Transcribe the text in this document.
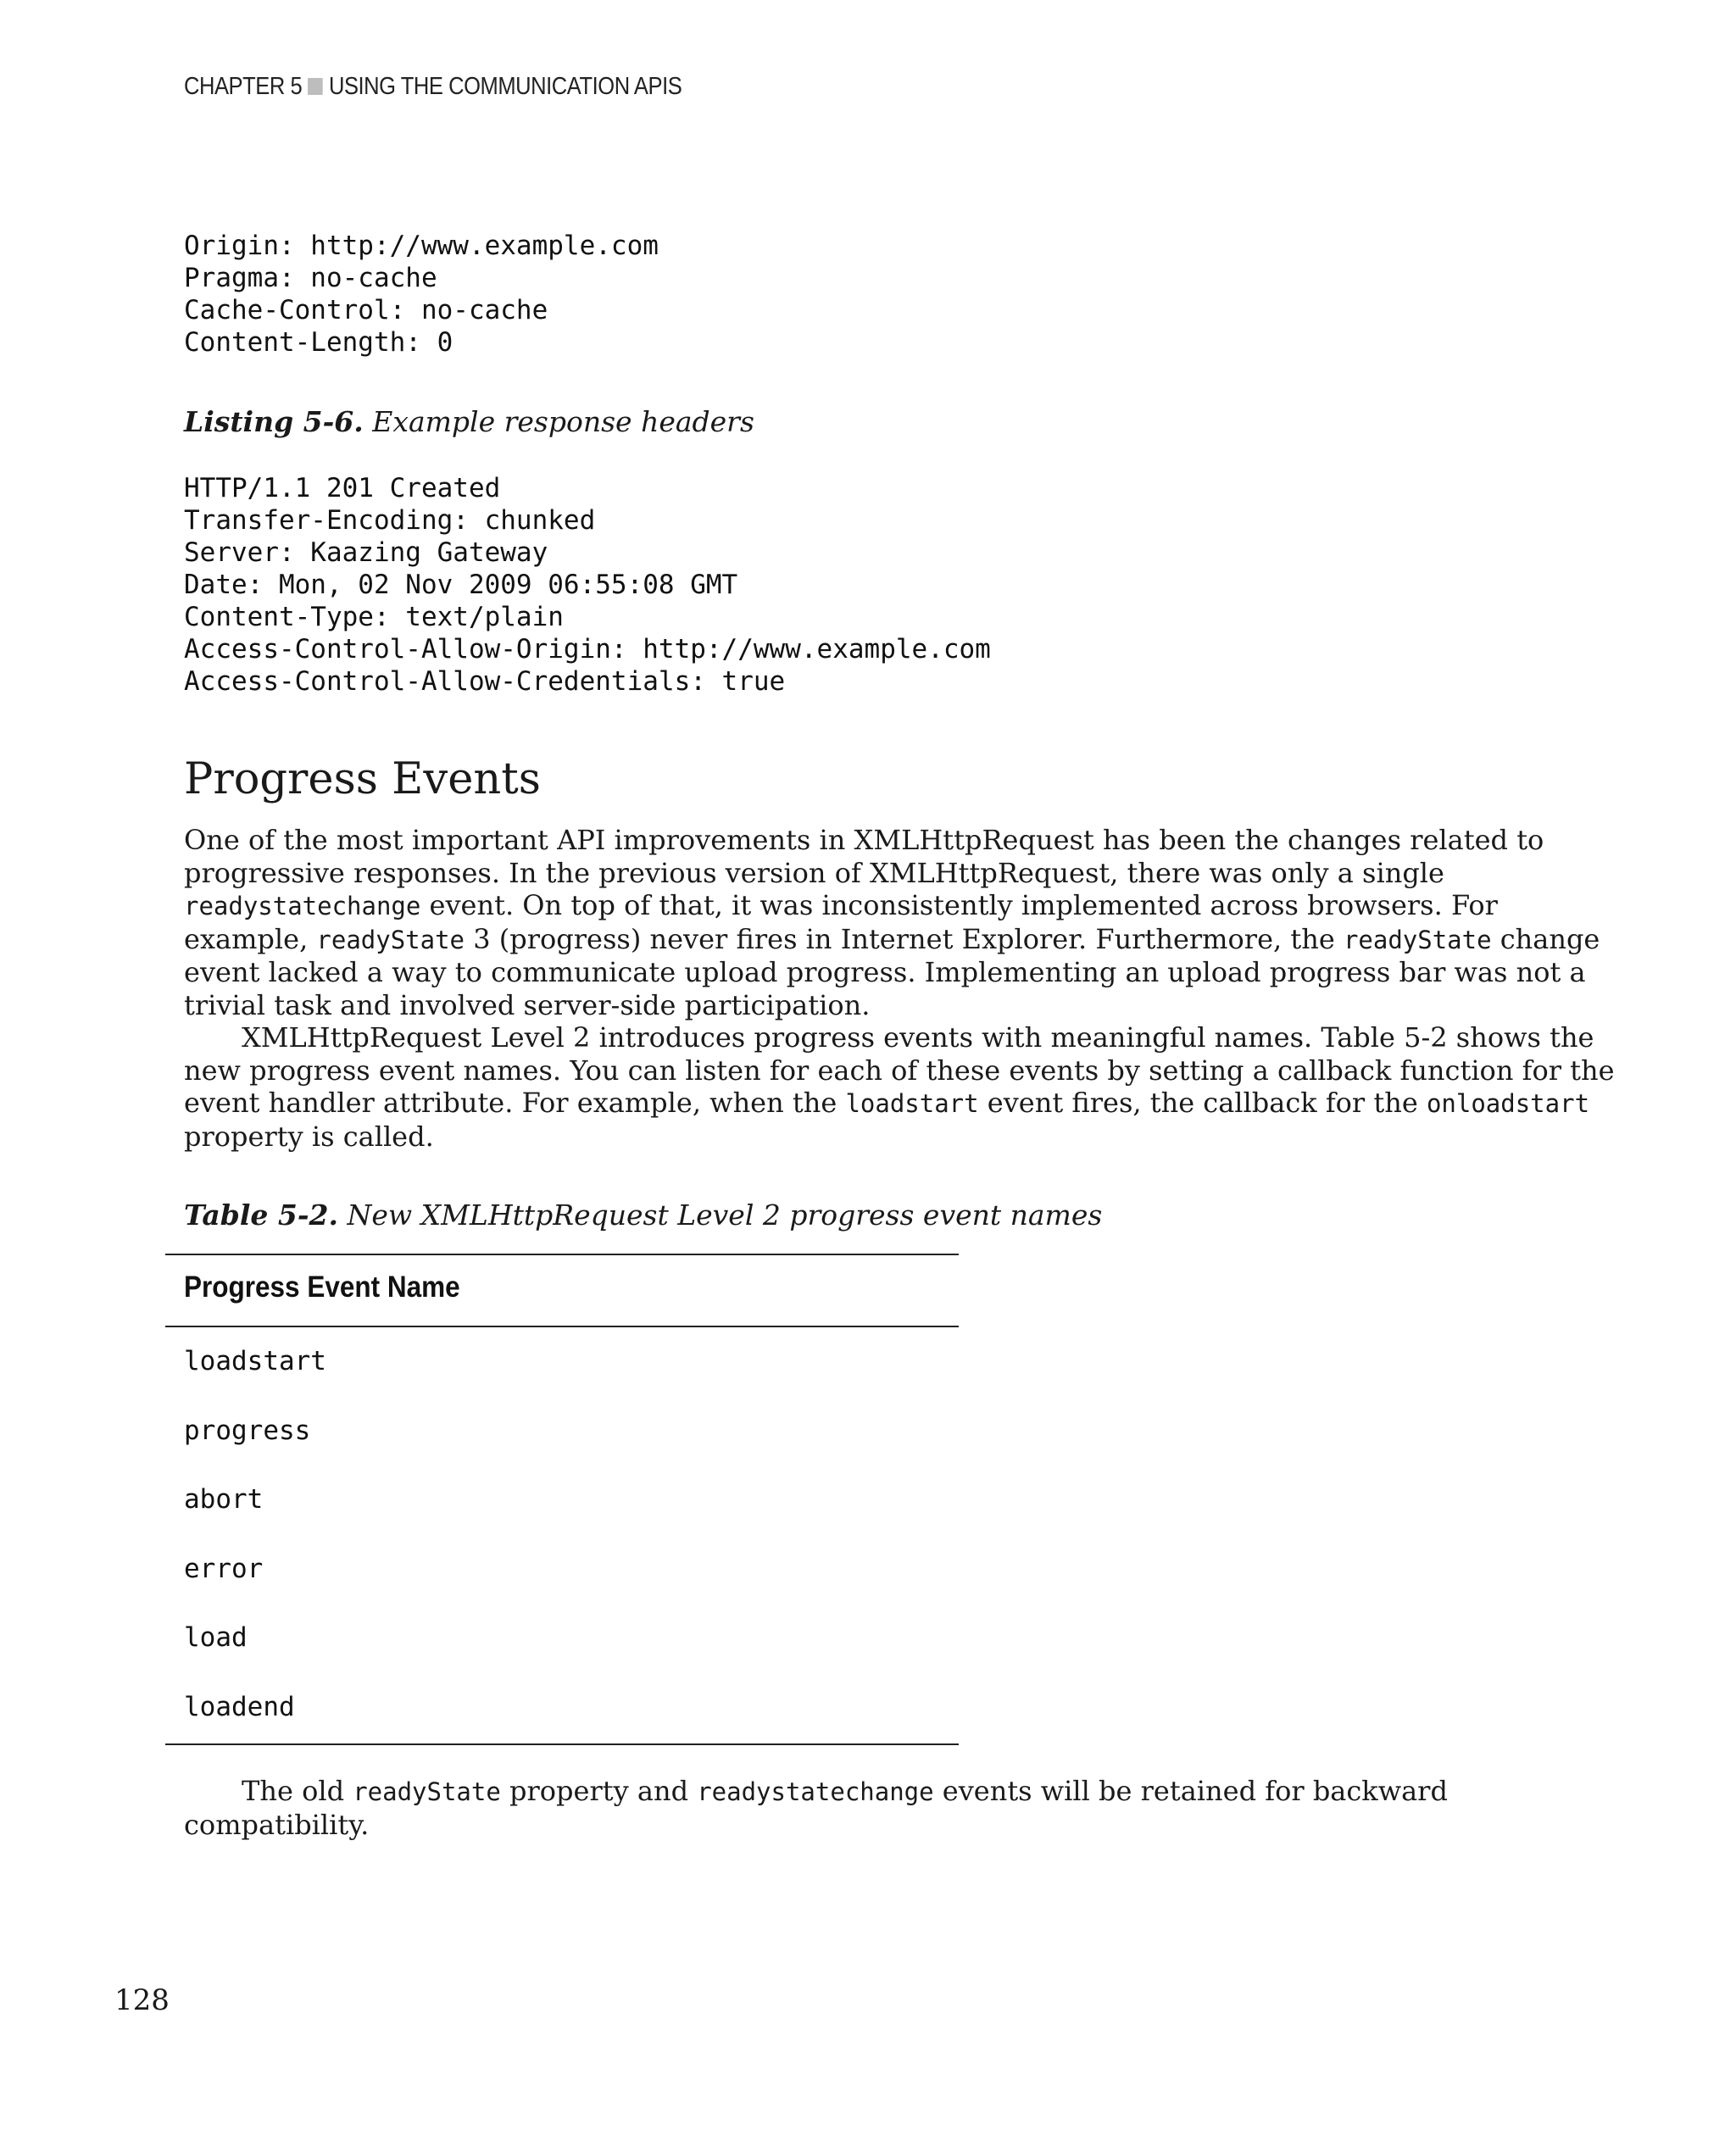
CHAPTER 5 USING THE COMMUNICATION APIS
Origin: http://www.example.com
Pragma: no-cache
Cache-Control: no-cache
Content-Length: 0
Listing 5-6. Example response headers
HTTP/1.1 201 Created
Transfer-Encoding: chunked
Server: Kaazing Gateway
Date: Mon, 02 Nov 2009 06:55:08 GMT
Content-Type: text/plain
Access-Control-Allow-Origin: http://www.example.com
Access-Control-Allow-Credentials: true
Progress Events
One of the most important API improvements in XMLHttpRequest has been the changes related to
progressive responses. In the previous version of XMLHttpRequest, there was only a single
readystatechange event. On top of that, it was inconsistently implemented across browsers. For
example, readyState 3 (progress) never fires in Internet Explorer. Furthermore, the readyState change
event lacked a way to communicate upload progress. Implementing an upload progress bar was not a
trivial task and involved server-side participation.
XMLHttpRequest Level 2 introduces progress events with meaningful names. Table 5-2 shows the
new progress event names. You can listen for each of these events by setting a callback function for the
event handler attribute. For example, when the loadstart event fires, the callback for the onloadstart
property is called.
Table 5-2. New XMLHttpRequest Level 2 progress event names
Progress Event Name
loadstart
progress
abort
error
load
loadend
The old readyState property and readystatechange events will be retained for backward
compatibility.
128
